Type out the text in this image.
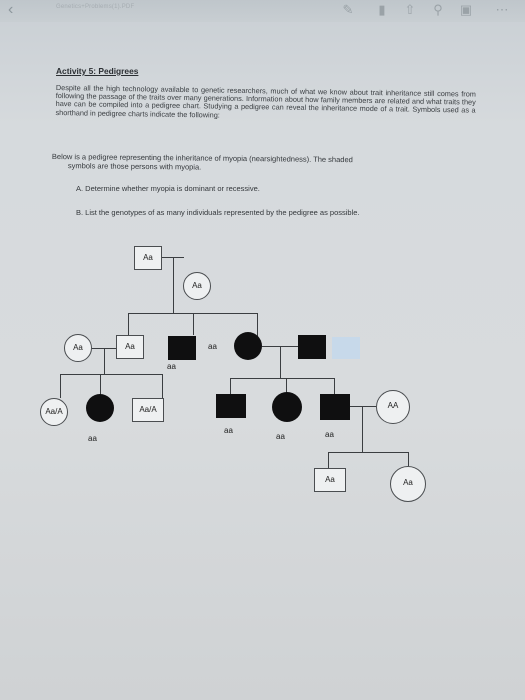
‹	Genetics+Problems(1).PDF	✎	▮	⇧ ⚲ ▣ ⋯
Activity 5: Pedigrees
Despite all the high technology available to genetic researchers, much of what we know about trait inheritance still comes from following the passage of the traits over many generations. Information about how family members are related and what traits they have can be compiled into a pedigree chart. Studying a pedigree can reveal the inheritance mode of a trait. Symbols used as a shorthand in pedigree charts indicate the following:
Below is a pedigree representing the inheritance of myopia (nearsightedness). The shaded
symbols are those persons with myopia.
A. Determine whether myopia is dominant or recessive.
B. List the genotypes of as many individuals represented by the pedigree as possible.
Aa
Aa
Aa	Aa
aa
aa
Aa/A
aa
Aa/A
aa
aa	aa
AA
Aa	Aa
